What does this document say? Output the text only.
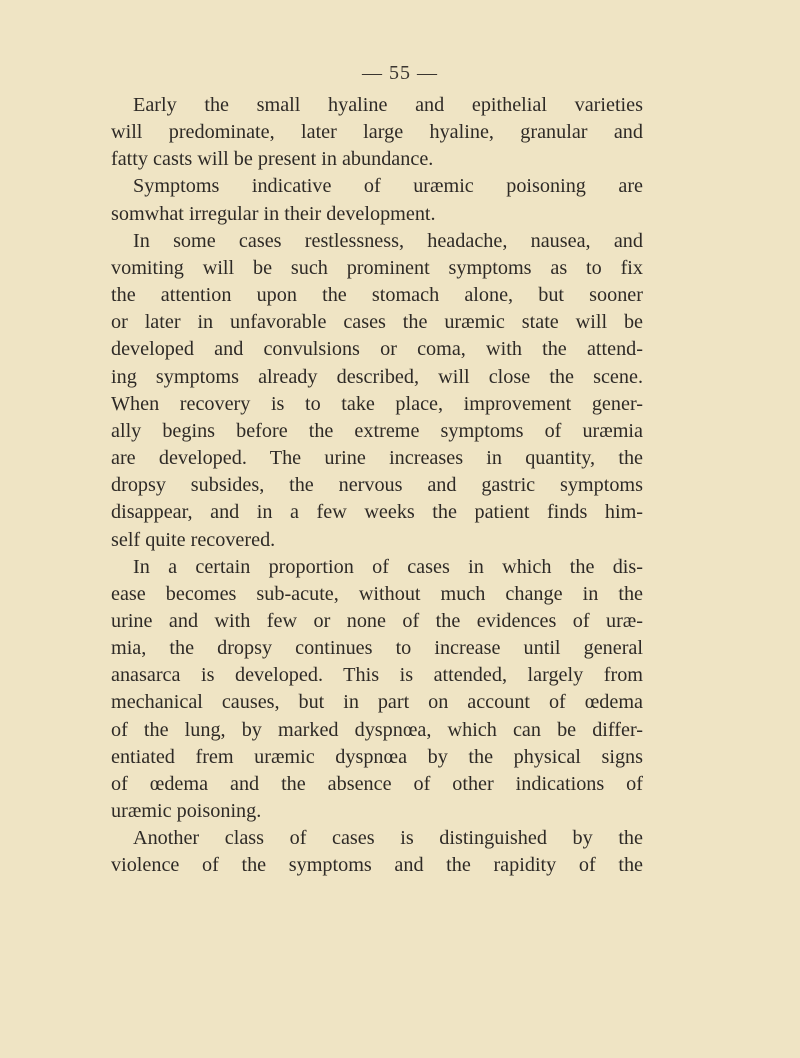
— 55 —
Early the small hyaline and epithelial varieties
will predominate, later large hyaline, granular and
fatty casts will be present in abundance.
Symptoms indicative of uræmic poisoning are
somwhat irregular in their development.
In some cases restlessness, headache, nausea, and
vomiting will be such prominent symptoms as to fix
the attention upon the stomach alone, but sooner
or later in unfavorable cases the uræmic state will be
developed and convulsions or coma, with the attend-
ing symptoms already described, will close the scene.
When recovery is to take place, improvement gener-
ally begins before the extreme symptoms of uræmia
are developed. The urine increases in quantity, the
dropsy subsides, the nervous and gastric symptoms
disappear, and in a few weeks the patient finds him-
self quite recovered.
In a certain proportion of cases in which the dis-
ease becomes sub-acute, without much change in the
urine and with few or none of the evidences of uræ-
mia, the dropsy continues to increase until general
anasarca is developed. This is attended, largely from
mechanical causes, but in part on account of œdema
of the lung, by marked dyspnœa, which can be differ-
entiated frem uræmic dyspnœa by the physical signs
of œdema and the absence of other indications of
uræmic poisoning.
Another class of cases is distinguished by the
violence of the symptoms and the rapidity of the
